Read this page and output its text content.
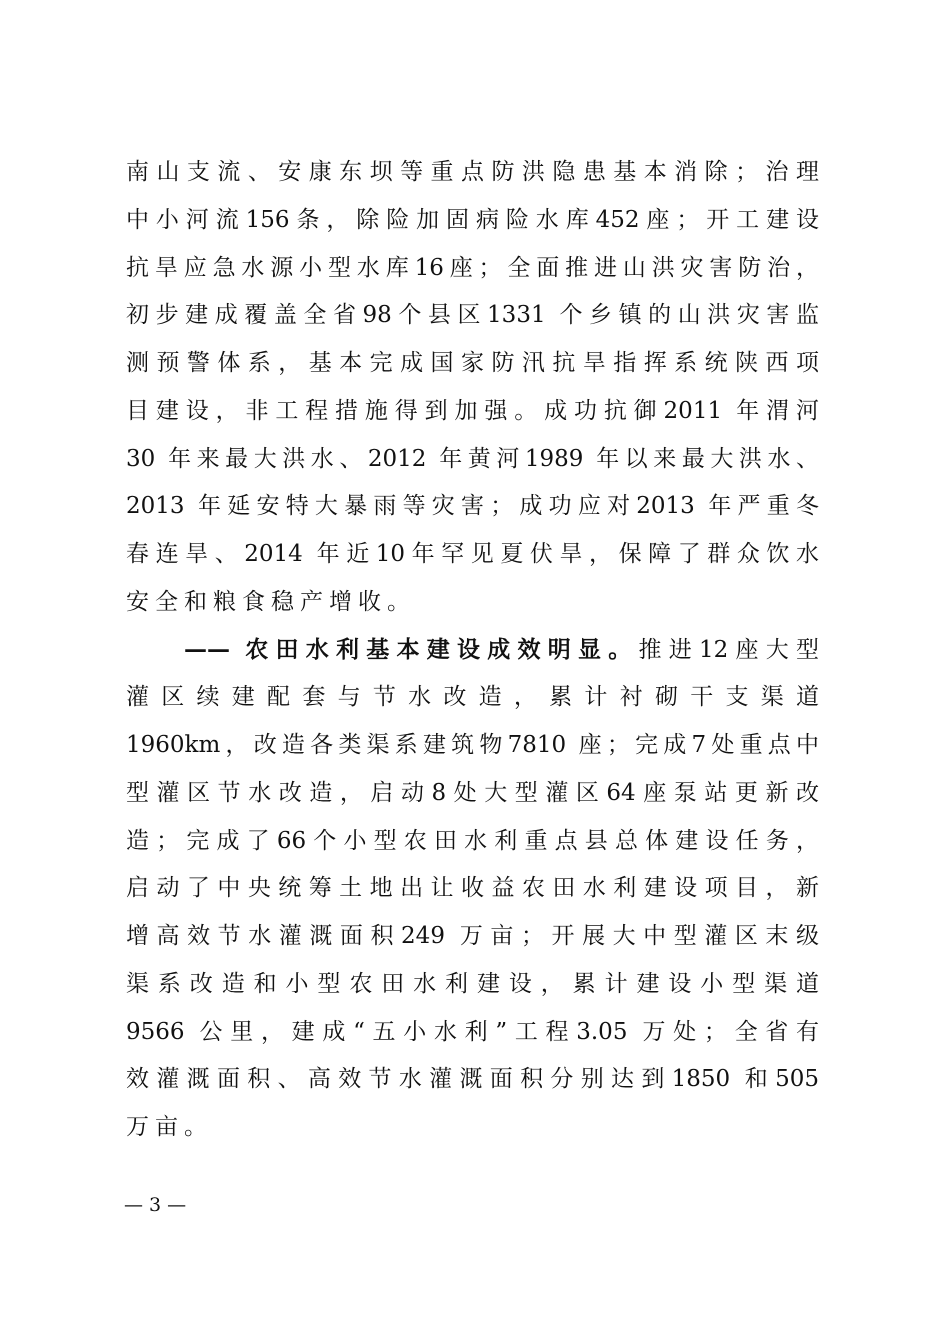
南山支流、安康东坝等重点防洪隐患基本消除；治理
中小河流156条，除险加固病险水库452座；开工建设
抗旱应急水源小型水库16座；全面推进山洪灾害防治，
初步建成覆盖全省98个县区1331 个乡镇的山洪灾害监
测预警体系，基本完成国家防汛抗旱指挥系统陕西项
目建设，非工程措施得到加强。成功抗御2011 年渭河
30 年来最大洪水、2012 年黄河1989 年以来最大洪水、
2013 年延安特大暴雨等灾害；成功应对2013 年严重冬
春连旱、2014 年近10年罕见夏伏旱，保障了群众饮水
安全和粮食稳产增收。
—— 农田水利基本建设成效明显。推进12座大型
灌区续建配套与节水改造，累计衬砌干支渠道
1960km，改造各类渠系建筑物7810 座；完成7处重点中
型灌区节水改造，启动8处大型灌区64座泵站更新改
造；完成了66个小型农田水利重点县总体建设任务，
启动了中央统筹土地出让收益农田水利建设项目，新
增高效节水灌溉面积249 万亩；开展大中型灌区末级
渠系改造和小型农田水利建设，累计建设小型渠道
9566 公里，建成“五小水利”工程3.05 万处；全省有
效灌溉面积、高效节水灌溉面积分别达到1850 和505
万亩。
— 3 —
